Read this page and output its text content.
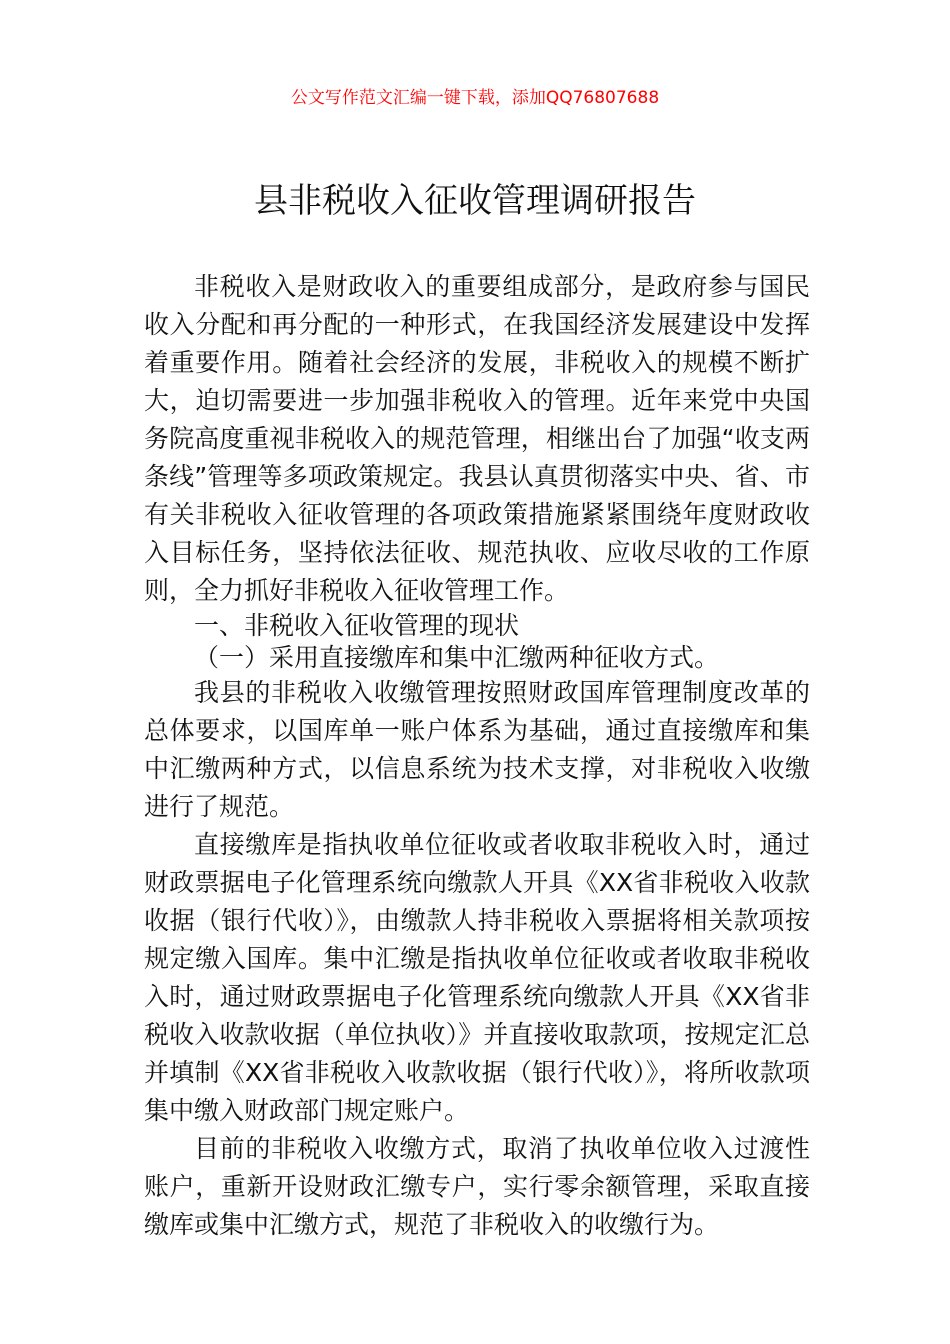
公文写作范文汇编一键下载，添加QQ76807688
县非税收入征收管理调研报告

非税收入是财政收入的重要组成部分，是政府参与国民收入分配和再分配的一种形式，在我国经济发展建设中发挥着重要作用。随着社会经济的发展，非税收入的规模不断扩大，迫切需要进一步加强非税收入的管理。近年来党中央国务院高度重视非税收入的规范管理，相继出台了加强“收支两条线”管理等多项政策规定。我县认真贯彻落实中央、省、市有关非税收入征收管理的各项政策措施紧紧围绕年度财政收入目标任务，坚持依法征收、规范执收、应收尽收的工作原则，全力抓好非税收入征收管理工作。

一、非税收入征收管理的现状

（一）采用直接缴库和集中汇缴两种征收方式。

我县的非税收入收缴管理按照财政国库管理制度改革的总体要求，以国库单一账户体系为基础，通过直接缴库和集中汇缴两种方式，以信息系统为技术支撑，对非税收入收缴进行了规范。

直接缴库是指执收单位征收或者收取非税收入时，通过财政票据电子化管理系统向缴款人开具《XX省非税收入收款收据（银行代收）》，由缴款人持非税收入票据将相关款项按规定缴入国库。集中汇缴是指执收单位征收或者收取非税收入时，通过财政票据电子化管理系统向缴款人开具《XX省非税收入收款收据（单位执收）》并直接收取款项，按规定汇总并填制《XX省非税收入收款收据（银行代收）》，将所收款项集中缴入财政部门规定账户。

目前的非税收入收缴方式，取消了执收单位收入过渡性账户，重新开设财政汇缴专户，实行零余额管理，采取直接缴库或集中汇缴方式，规范了非税收入的收缴行为。
